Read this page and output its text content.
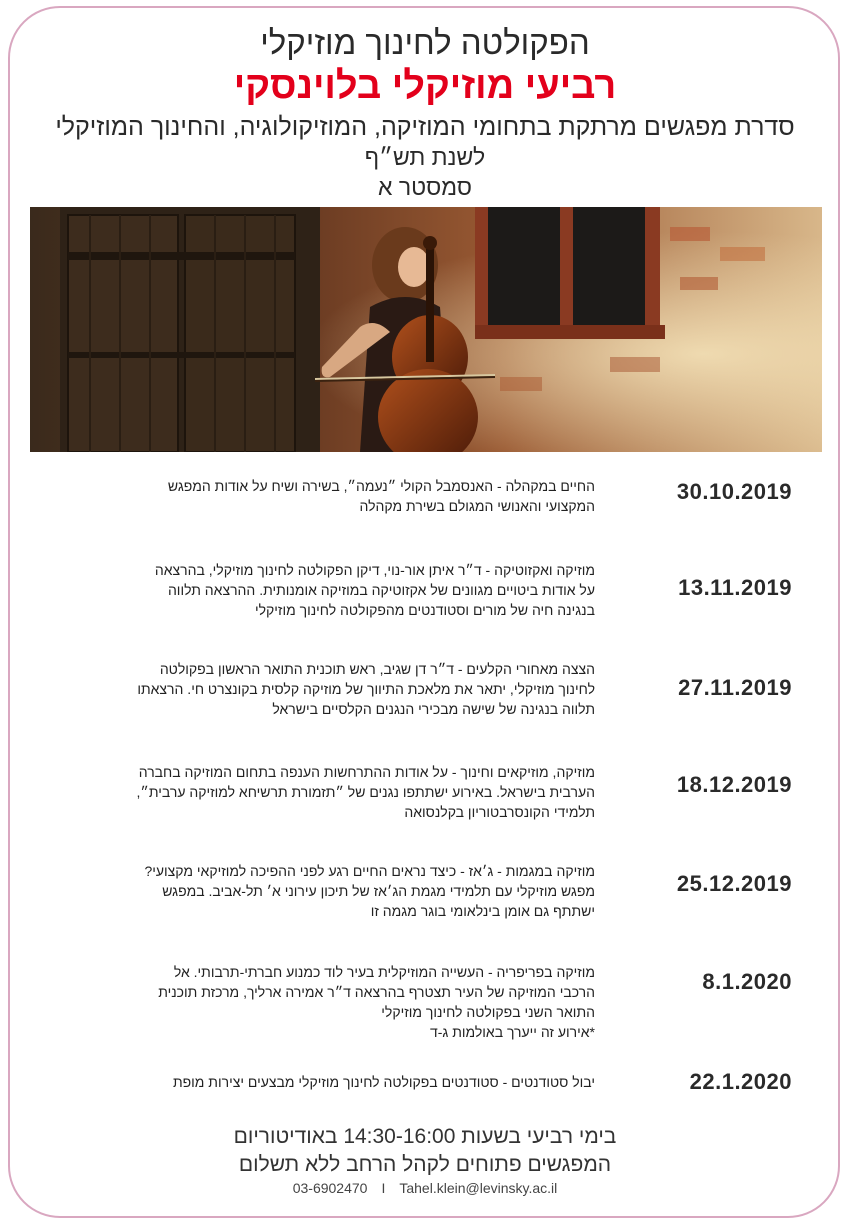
הפקולטה לחינוך מוזיקלי
רביעי מוזיקלי בלוינסקי

סדרת מפגשים מרתקת בתחומי המוזיקה, המוזיקולוגיה, והחינוך המוזיקלי

לשנת תש״ף

סמסטר א

30.10.2019
החיים במקהלה - האנסמבל הקולי ״נעמה״, בשירה ושיח על אודות המפגש
המקצועי והאנושי המגולם בשירת מקהלה
13.11.2019
מוזיקה ואקזוטיקה - ד״ר איתן אור-נוי, דיקן הפקולטה לחינוך מוזיקלי, בהרצאה
על אודות ביטויים מגוונים של אקזוטיקה במוזיקה אומנותית. ההרצאה תלווה
בנגינה חיה של מורים וסטודנטים מהפקולטה לחינוך מוזיקלי
27.11.2019
הצצה מאחורי הקלעים - ד״ר דן שגיב, ראש תוכנית התואר הראשון בפקולטה
לחינוך מוזיקלי, יתאר את מלאכת התיווך של מוזיקה קלסית בקונצרט חי. הרצאתו
תלווה בנגינה של שישה מבכירי הנגנים הקלסיים בישראל
18.12.2019
מוזיקה, מוזיקאים וחינוך - על אודות ההתרחשות הענפה בתחום המוזיקה בחברה
הערבית בישראל. באירוע ישתתפו נגנים של ״תזמורת תרשיחא למוזיקה ערבית״,
תלמידי הקונסרבטוריון בקלנסואה
25.12.2019
מוזיקה במגמות - ג׳אז - כיצד נראים החיים רגע לפני ההפיכה למוזיקאי מקצועי?
מפגש מוזיקלי עם תלמידי מגמת הג׳אז של תיכון עירוני א׳ תל-אביב. במפגש
ישתתף גם אומן בינלאומי בוגר מגמה זו
8.1.2020
מוזיקה בפריפריה - העשייה המוזיקלית בעיר לוד כמנוע חברתי-תרבותי. אל
הרכבי המוזיקה של העיר תצטרף בהרצאה ד״ר אמירה ארליך, מרכזת תוכנית
התואר השני בפקולטה לחינוך מוזיקלי
*אירוע זה ייערך באולמות ג-ד
22.1.2020
יבול סטודנטים - סטודנטים בפקולטה לחינוך מוזיקלי מבצעים יצירות מופת

בימי רביעי בשעות 14:30-16:00 באודיטוריום

המפגשים פתוחים לקהל הרחב ללא תשלום

03-6902470 I Tahel.klein@levinsky.ac.il
